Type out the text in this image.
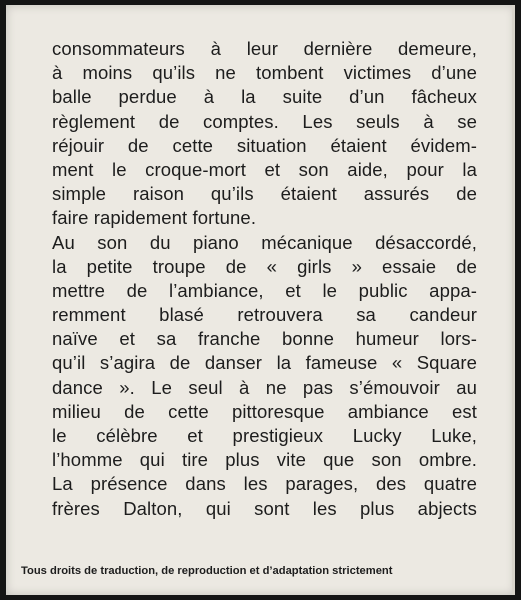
consommateurs à leur dernière demeure,
à moins qu’ils ne tombent victimes d’une
balle perdue à la suite d’un fâcheux
règlement de comptes. Les seuls à se
réjouir de cette situation étaient évidem-
ment le croque-mort et son aide, pour la
simple raison qu’ils étaient assurés de
faire rapidement fortune.
Au son du piano mécanique désaccordé,
la petite troupe de « girls » essaie de
mettre de l’ambiance, et le public appa-
remment blasé retrouvera sa candeur
naïve et sa franche bonne humeur lors-
qu’il s’agira de danser la fameuse « Square
dance ». Le seul à ne pas s’émouvoir au
milieu de cette pittoresque ambiance est
le célèbre et prestigieux Lucky Luke,
l’homme qui tire plus vite que son ombre.
La présence dans les parages, des quatre
frères Dalton, qui sont les plus abjects
Tous droits de traduction, de reproduction et d’adaptation strictement
